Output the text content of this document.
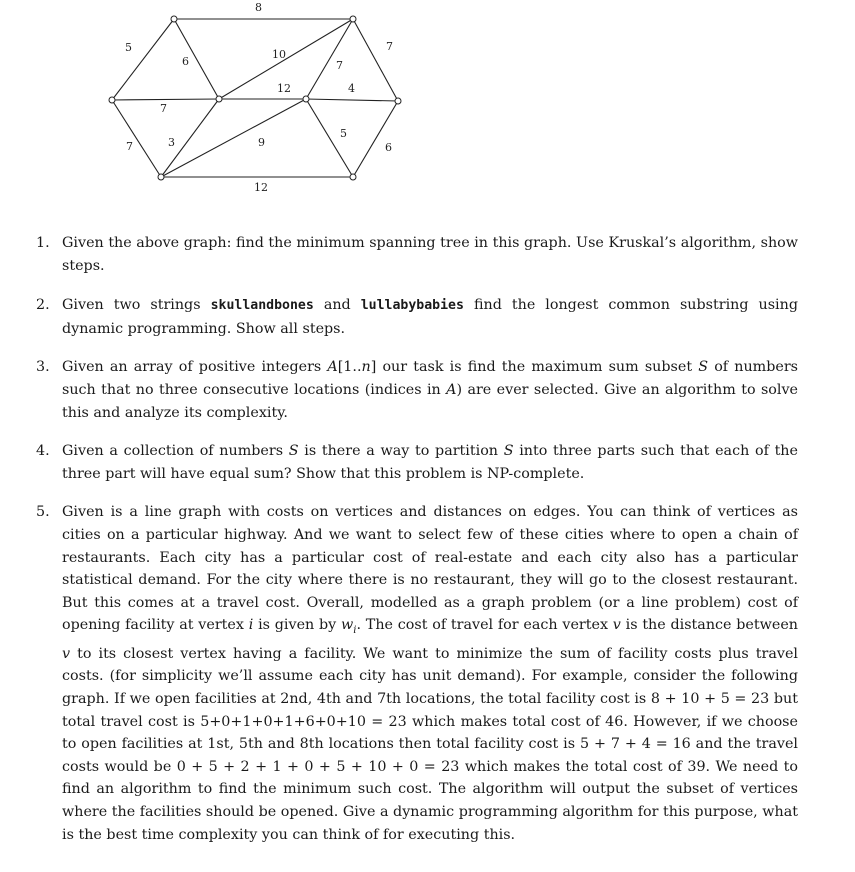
8
5
6
10
12
7
7
4
7
7	3	9
5
6
12
1. Given the above graph: find the minimum spanning tree in this graph. Use Kruskal’s algorithm, show steps.
2. Given two strings skullandbones and lullabybabies find the longest common substring using dynamic programming. Show all steps.
3. Given an array of positive integers A[1..n] our task is find the maximum sum subset S of numbers such that no three consecutive locations (indices in A) are ever selected. Give an algorithm to solve this and analyze its complexity.
4. Given a collection of numbers S is there a way to partition S into three parts such that each of the three part will have equal sum? Show that this problem is NP-complete.
5. Given is a line graph with costs on vertices and distances on edges. You can think of vertices as cities on a particular highway. And we want to select few of these cities where to open a chain of restaurants. Each city has a particular cost of real-estate and each city also has a particular statistical demand. For the city where there is no restaurant, they will go to the closest restaurant. But this comes at a travel cost. Overall, modelled as a graph problem (or a line problem) cost of opening facility at vertex i is given by $w_i$. The cost of travel for each vertex v is the distance between v to its closest vertex having a facility. We want to minimize the sum of facility costs plus travel costs. (for simplicity we’ll assume each city has unit demand). For example, consider the following graph. If we open facilities at 2nd, 4th and 7th locations, the total facility cost is 8 + 10 + 5 = 23 but total travel cost is 5+0+1+0+1+6+0+10 = 23 which makes total cost of 46. However, if we choose to open facilities at 1st, 5th and 8th locations then total facility cost is 5 + 7 + 4 = 16 and the travel costs would be 0 + 5 + 2 + 1 + 0 + 5 + 10 + 0 = 23 which makes the total cost of 39. We need to find an algorithm to find the minimum such cost. The algorithm will output the subset of vertices where the facilities should be opened. Give a dynamic programming algorithm for this purpose, what is the best time complexity you can think of for executing this.
